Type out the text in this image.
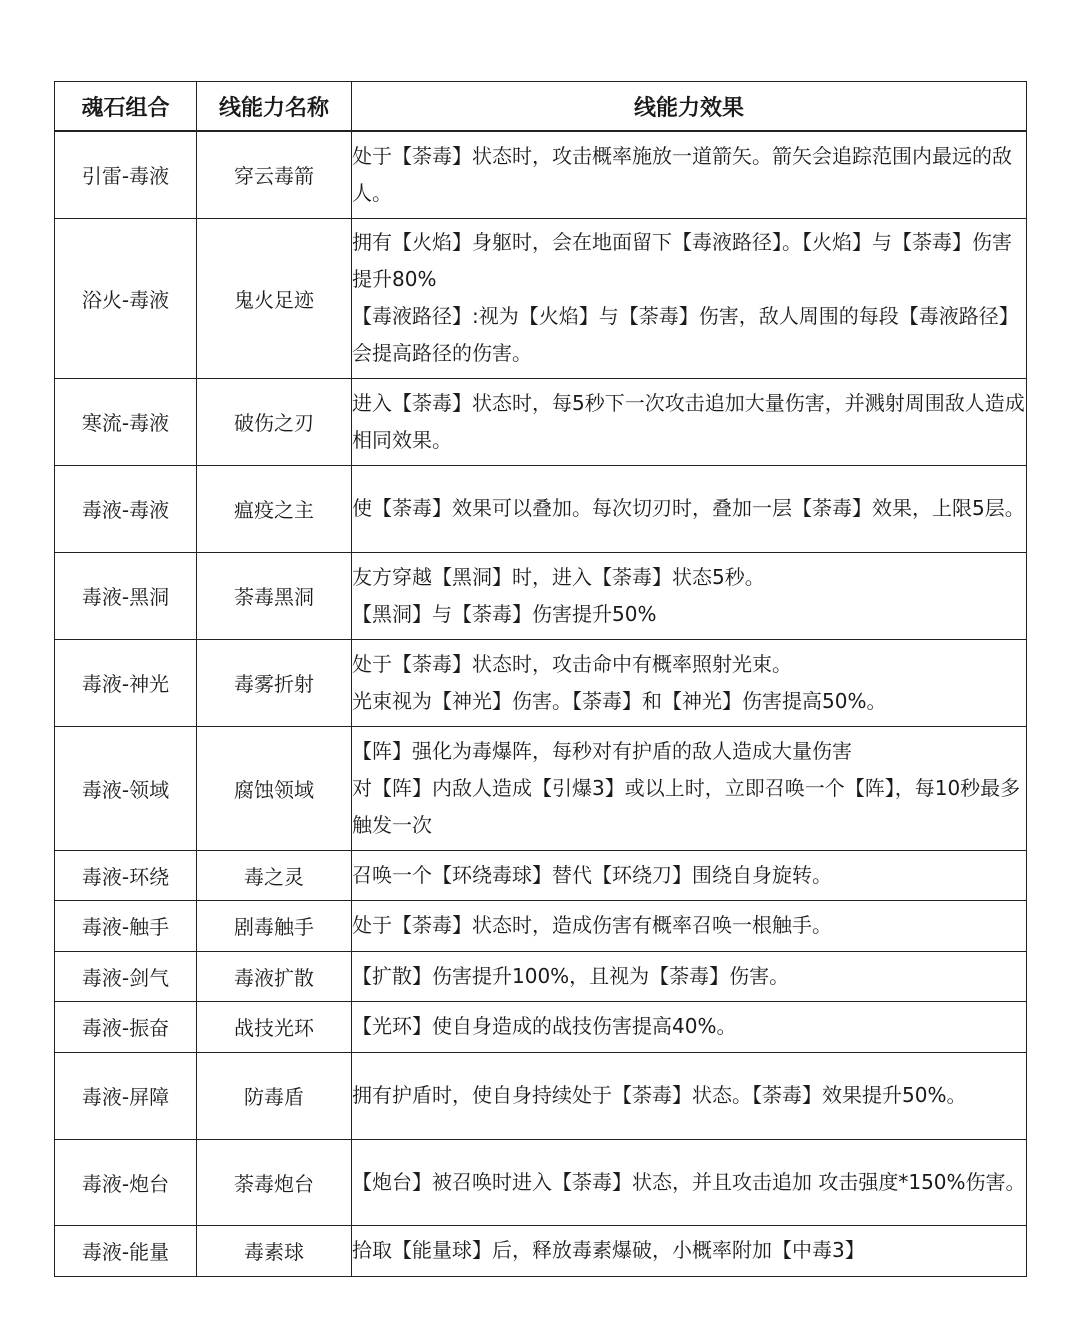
魂石组合	线能力名称	线能力效果
引雷-毒液	穿云毒箭	处于【荼毒】状态时，攻击概率施放一道箭矢。箭矢会追踪范围内最远的敌人。

浴火-毒液	鬼火足迹	拥有【火焰】身躯时，会在地面留下【毒液路径】。【火焰】与【荼毒】伤害提升80%
【毒液路径】:视为【火焰】与【荼毒】伤害，敌人周围的每段【毒液路径】会提高路径的伤害。

寒流-毒液	破伤之刃	进入【荼毒】状态时，每5秒下一次攻击追加大量伤害，并溅射周围敌人造成相同效果。

毒液-毒液	瘟疫之主	使【荼毒】效果可以叠加。每次切刃时，叠加一层【荼毒】效果，上限5层。

毒液-黑洞	荼毒黑洞	友方穿越【黑洞】时，进入【荼毒】状态5秒。
【黑洞】与【荼毒】伤害提升50%

毒液-神光	毒雾折射	处于【荼毒】状态时，攻击命中有概率照射光束。
光束视为【神光】伤害。【荼毒】和【神光】伤害提高50%。

毒液-领域	腐蚀领域	【阵】强化为毒爆阵，每秒对有护盾的敌人造成大量伤害
对【阵】内敌人造成【引爆3】或以上时，立即召唤一个【阵】，每10秒最多触发一次

毒液-环绕	毒之灵	召唤一个【环绕毒球】替代【环绕刀】围绕自身旋转。

毒液-触手	剧毒触手	处于【荼毒】状态时，造成伤害有概率召唤一根触手。

毒液-剑气	毒液扩散	【扩散】伤害提升100%，且视为【荼毒】伤害。

毒液-振奋	战技光环	【光环】使自身造成的战技伤害提高40%。

毒液-屏障	防毒盾	拥有护盾时，使自身持续处于【荼毒】状态。【荼毒】效果提升50%。

毒液-炮台	荼毒炮台	【炮台】被召唤时进入【荼毒】状态，并且攻击追加 攻击强度*150%伤害。

毒液-能量	毒素球	拾取【能量球】后，释放毒素爆破，小概率附加【中毒3】
